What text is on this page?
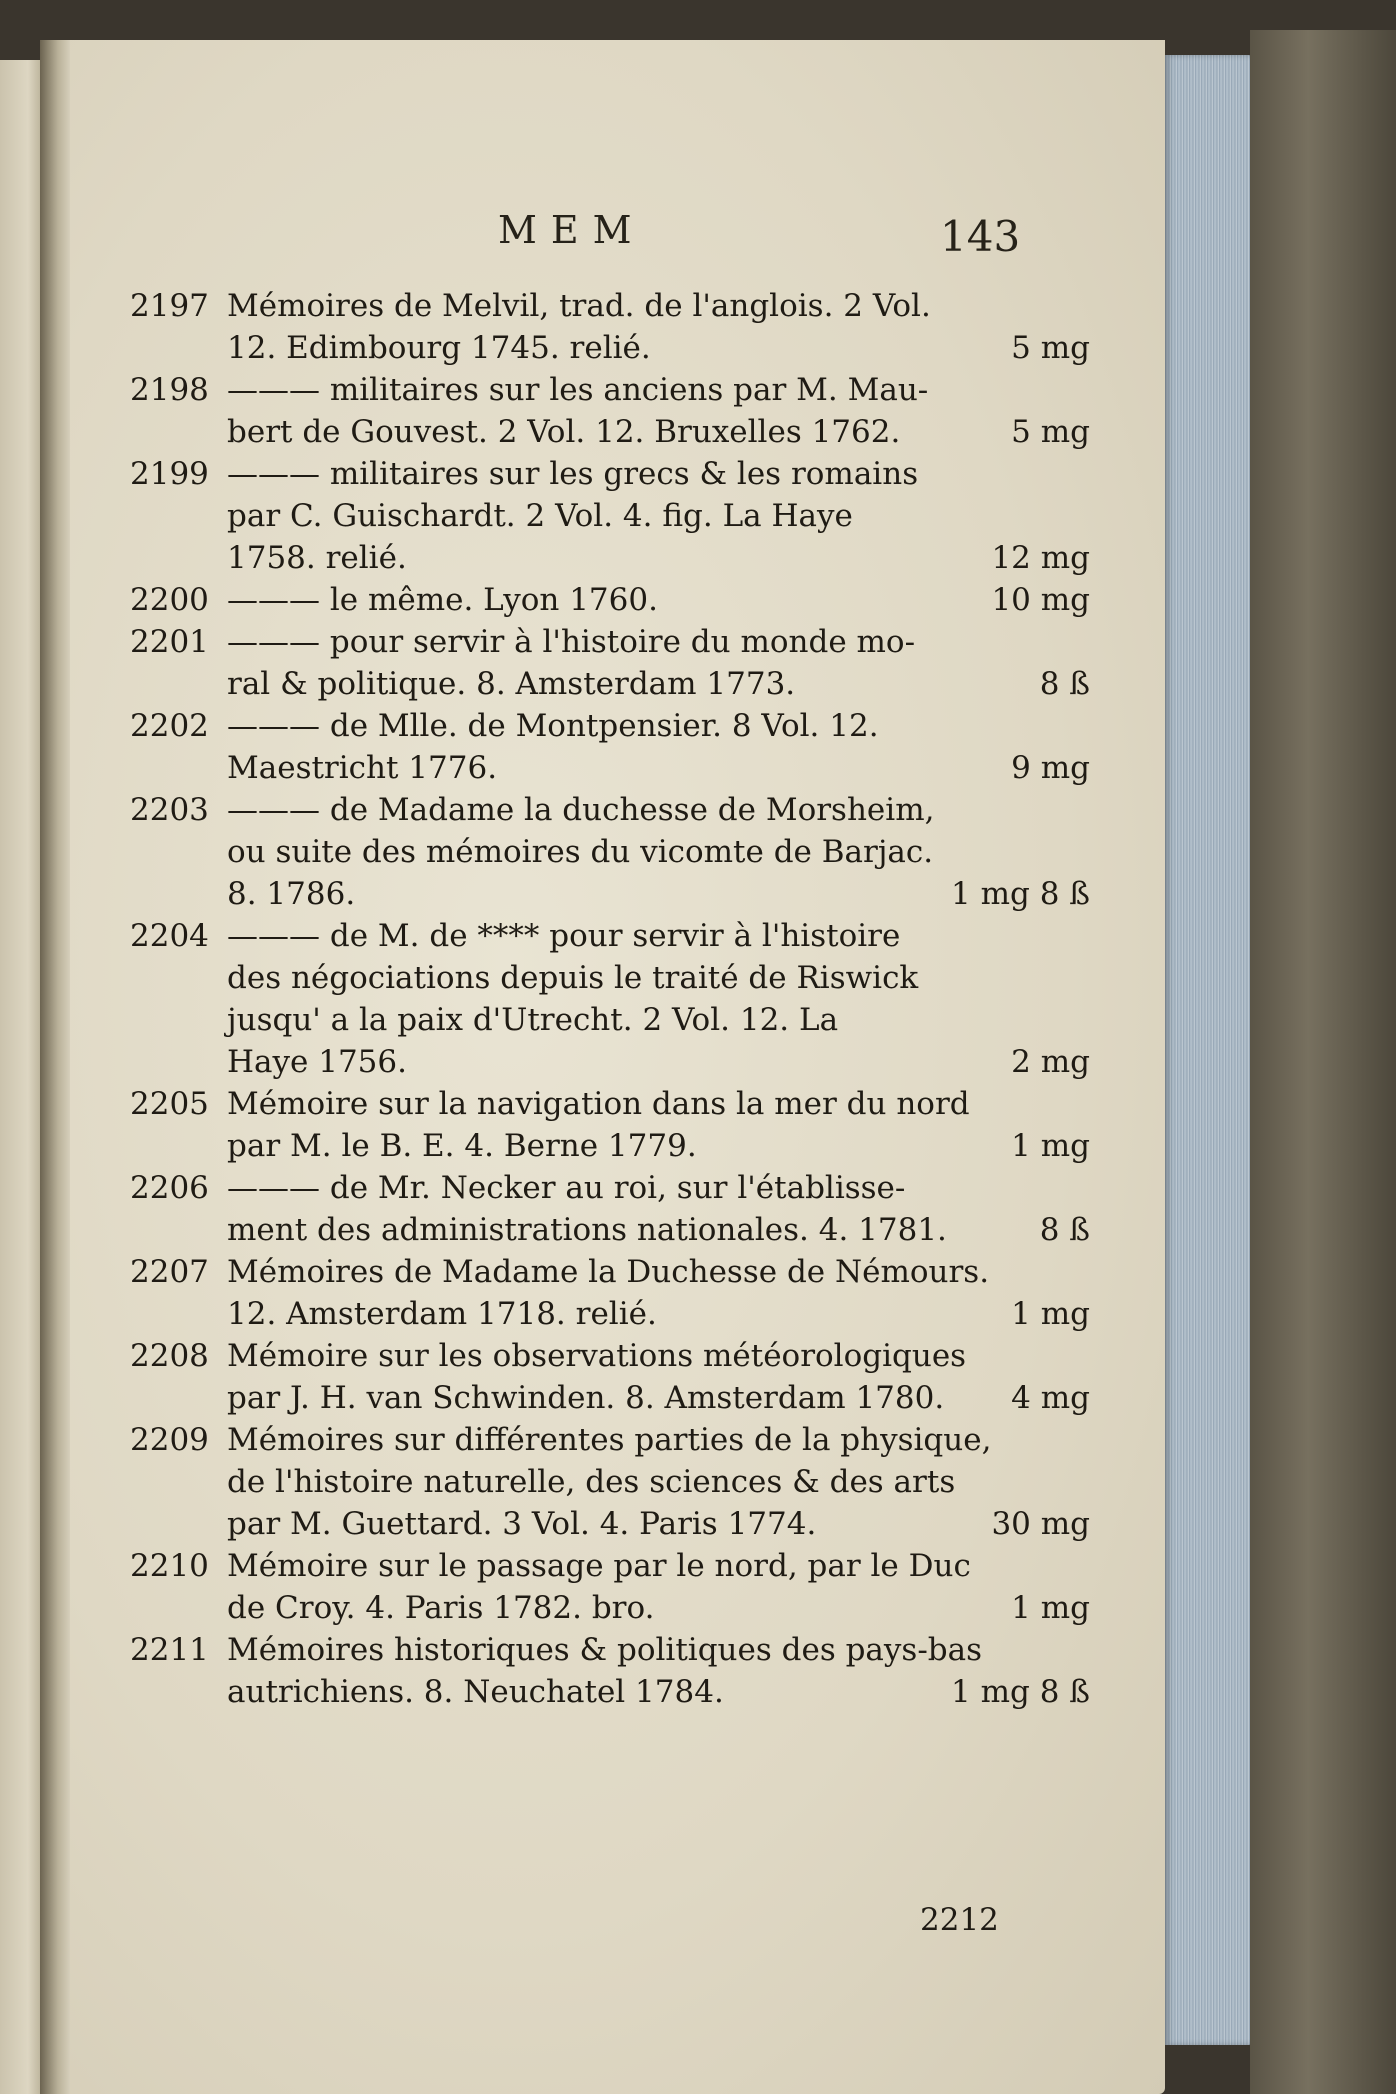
MEM	143
2197 Mémoires de Melvil, trad. de l'anglois. 2 Vol.
12. Edimbourg 1745. relié.	5 mg
2198 ——— militaires sur les anciens par M. Mau-
bert de Gouvest. 2 Vol. 12. Bruxelles 1762.	5 mg
2199 ——— militaires sur les grecs & les romains
par C. Guischardt. 2 Vol. 4. fig. La Haye
1758. relié.	12 mg
2200 ——— le même. Lyon 1760.	10 mg
2201 ——— pour servir à l'histoire du monde mo-
ral & politique. 8. Amsterdam 1773.	8 ß
2202 ——— de Mlle. de Montpensier. 8 Vol. 12.
Maestricht 1776.	9 mg
2203 ——— de Madame la duchesse de Morsheim,
ou suite des mémoires du vicomte de Barjac.
8. 1786.	1 mg 8 ß
2204 ——— de M. de **** pour servir à l'histoire
des négociations depuis le traité de Riswick
jusqu' a la paix d'Utrecht. 2 Vol. 12. La
Haye 1756.	2 mg
2205 Mémoire sur la navigation dans la mer du nord
par M. le B. E. 4. Berne 1779.	1 mg
2206 ——— de Mr. Necker au roi, sur l'établisse-
ment des administrations nationales. 4. 1781.	8 ß
2207 Mémoires de Madame la Duchesse de Némours.
12. Amsterdam 1718. relié.	1 mg
2208 Mémoire sur les observations météorologiques
par J. H. van Schwinden. 8. Amsterdam 1780.	4 mg
2209 Mémoires sur différentes parties de la physique,
de l'histoire naturelle, des sciences & des arts
par M. Guettard. 3 Vol. 4. Paris 1774.	30 mg
2210 Mémoire sur le passage par le nord, par le Duc
de Croy. 4. Paris 1782. bro.	1 mg
2211 Mémoires historiques & politiques des pays-bas
autrichiens. 8. Neuchatel 1784.	1 mg 8 ß
2212
